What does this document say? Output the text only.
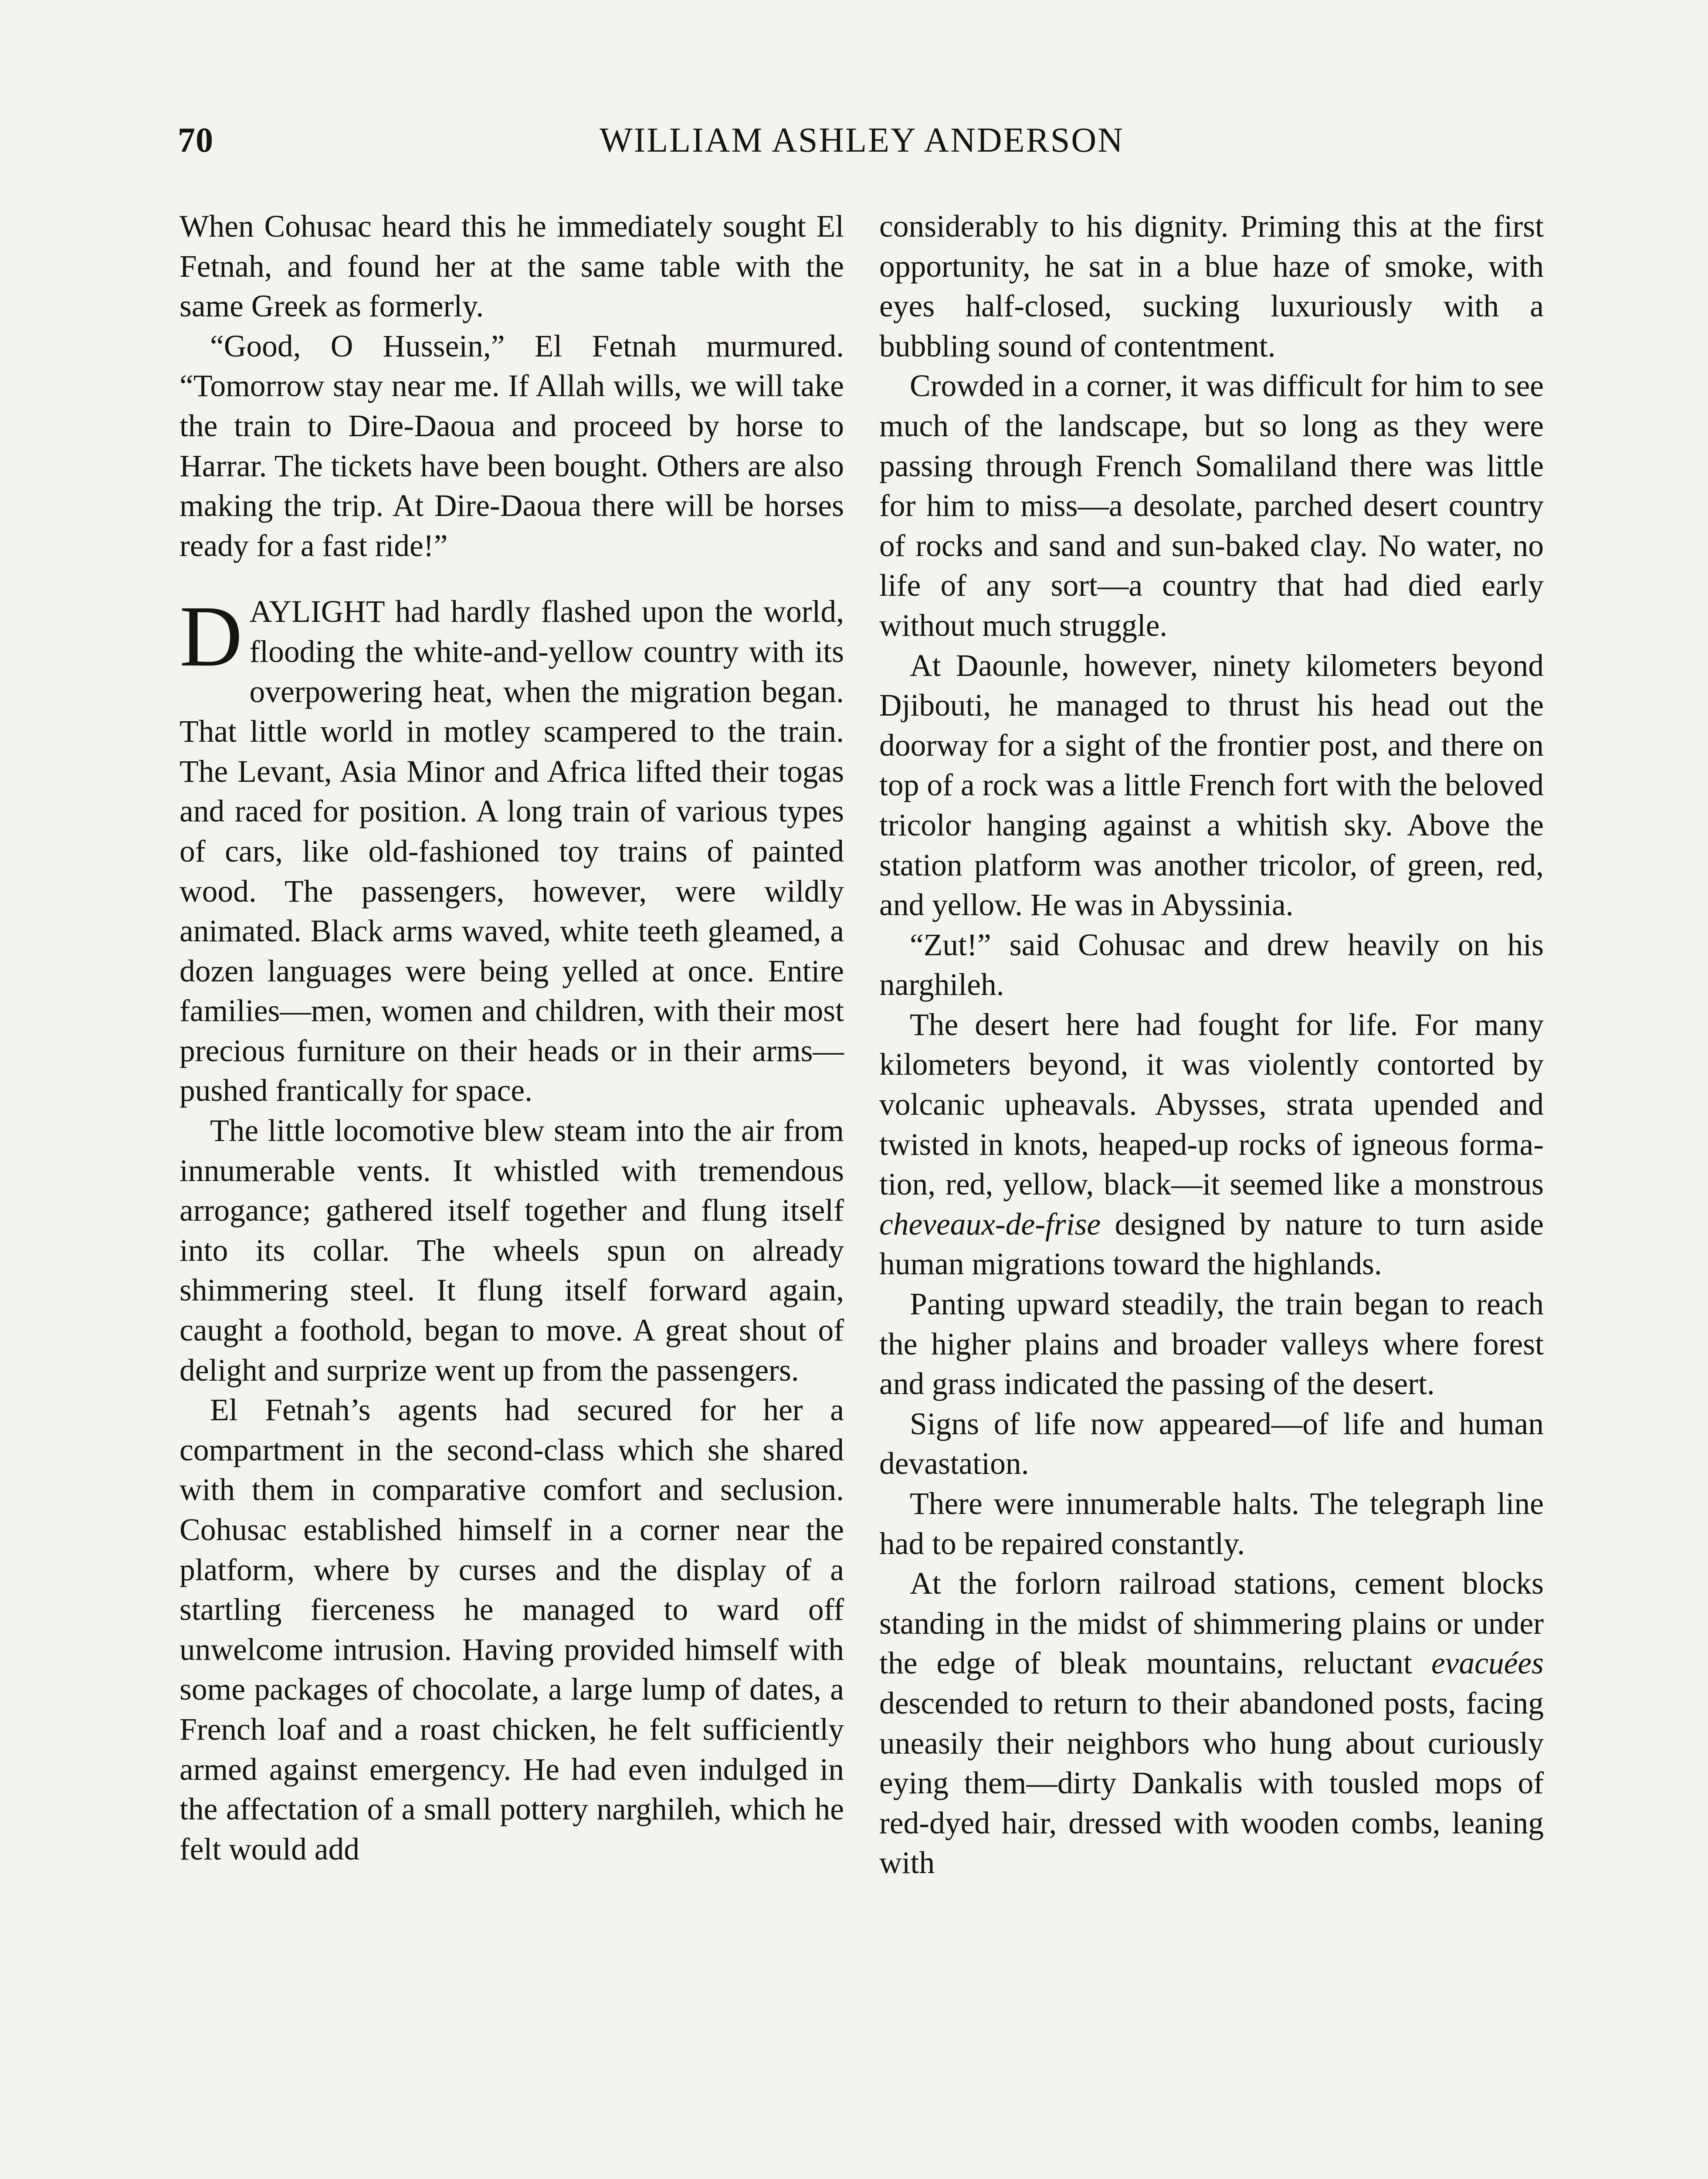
70	WILLIAM ASHLEY ANDERSON

When Cohusac heard this he immediately sought El Fetnah, and found her at the same table with the same Greek as formerly.

“Good, O Hussein,” El Fetnah murmured. “Tomorrow stay near me. If Allah wills, we will take the train to Dire-Daoua and proceed by horse to Harrar. The tickets have been bought. Others are also making the trip. At Dire-Daoua there will be horses ready for a fast ride!”

DAYLIGHT had hardly flashed upon the world, flooding the white-and-yellow country with its overpowering heat, when the migration began. That little world in motley scampered to the train. The Levant, Asia Minor and Africa lifted their togas and raced for position. A long train of various types of cars, like old-fashioned toy trains of painted wood. The passengers, however, were wildly animated. Black arms waved, white teeth gleamed, a dozen languages were being yelled at once. Entire families—men, women and children, with their most precious furniture on their heads or in their arms—pushed frantically for space.

The little locomotive blew steam into the air from innumerable vents. It whistled with tremendous arrogance; gathered itself together and flung itself into its collar. The wheels spun on already shimmering steel. It flung itself forward again, caught a foothold, began to move. A great shout of delight and surprize went up from the passengers.

El Fetnah’s agents had secured for her a compartment in the second-class which she shared with them in comparative comfort and seclusion. Cohusac established himself in a corner near the platform, where by curses and the display of a startling fierceness he managed to ward off unwelcome intrusion. Having provided himself with some packages of chocolate, a large lump of dates, a French loaf and a roast chicken, he felt sufficiently armed against emergency. He had even indulged in the affectation of a small pottery narghileh, which he felt would add

considerably to his dignity. Priming this at the first opportunity, he sat in a blue haze of smoke, with eyes half-closed, sucking luxuriously with a bubbling sound of contentment.

Crowded in a corner, it was difficult for him to see much of the landscape, but so long as they were passing through French Somaliland there was little for him to miss—a desolate, parched desert country of rocks and sand and sun-baked clay. No water, no life of any sort—a country that had died early without much struggle.

At Daounle, however, ninety kilometers beyond Djibouti, he managed to thrust his head out the doorway for a sight of the frontier post, and there on top of a rock was a little French fort with the beloved tricolor hanging against a whitish sky. Above the station platform was another tricolor, of green, red, and yellow. He was in Abyssinia.

“Zut!” said Cohusac and drew heavily on his narghileh.

The desert here had fought for life. For many kilometers beyond, it was violently contorted by volcanic upheavals. Abysses, strata upended and twisted in knots, heaped-up rocks of igneous formation, red, yellow, black—it seemed like a monstrous cheveaux-de-frise designed by nature to turn aside human migrations toward the highlands.

Panting upward steadily, the train began to reach the higher plains and broader valleys where forest and grass indicated the passing of the desert.

Signs of life now appeared—of life and human devastation.

There were innumerable halts. The telegraph line had to be repaired constantly.

At the forlorn railroad stations, cement blocks standing in the midst of shimmering plains or under the edge of bleak mountains, reluctant evacuées descended to return to their abandoned posts, facing uneasily their neighbors who hung about curiously eying them—dirty Dankalis with tousled mops of red-dyed hair, dressed with wooden combs, leaning with
